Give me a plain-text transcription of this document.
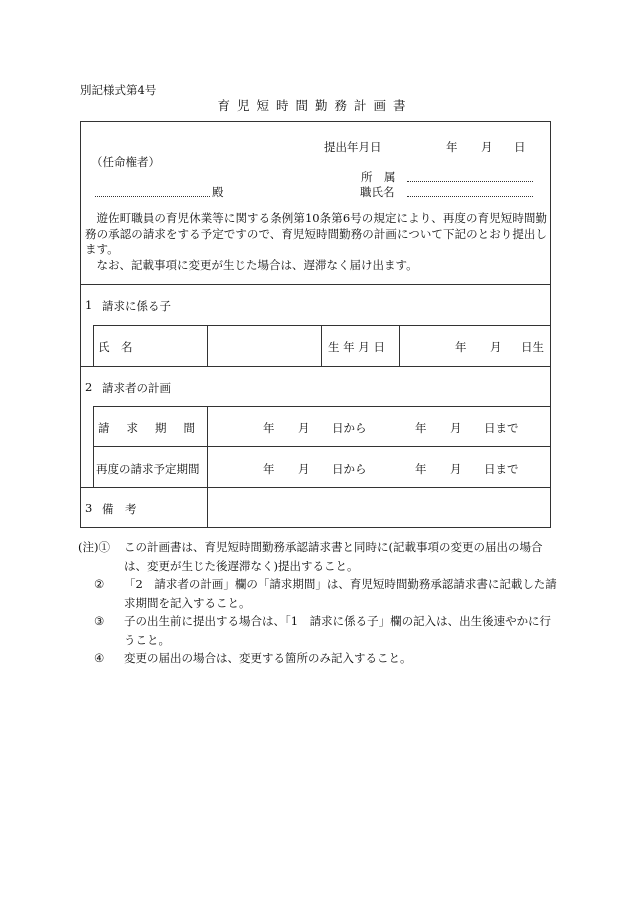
別記様式第4号
育児短時間勤務計画書
提出年月日	年 月 日
（任命権者）
所　属
殿	職氏名
遊佐町職員の育児休業等に関する条例第10条第6号の規定により、再度の育児短時間勤務の承認の請求をする予定ですので、育児短時間勤務の計画について下記のとおり提出します。
なお、記載事項に変更が生じた場合は、遅滞なく届け出ます。
1 請求に係る子
氏　名	生 年 月 日	年 月 日生
2 請求者の計画
請求期間	年 月 日から	年 月 日まで
再度の請求予定期間	年 月 日から	年 月 日まで
3 備　考
(注)①	この計画書は、育児短時間勤務承認請求書と同時に(記載事項の変更の届出の場合は、変更が生じた後遅滞なく)提出すること。
②	「2　請求者の計画」欄の「請求期間」は、育児短時間勤務承認請求書に記載した請求期間を記入すること。
③	子の出生前に提出する場合は、「1　請求に係る子」欄の記入は、出生後速やかに行うこと。
④	変更の届出の場合は、変更する箇所のみ記入すること。
